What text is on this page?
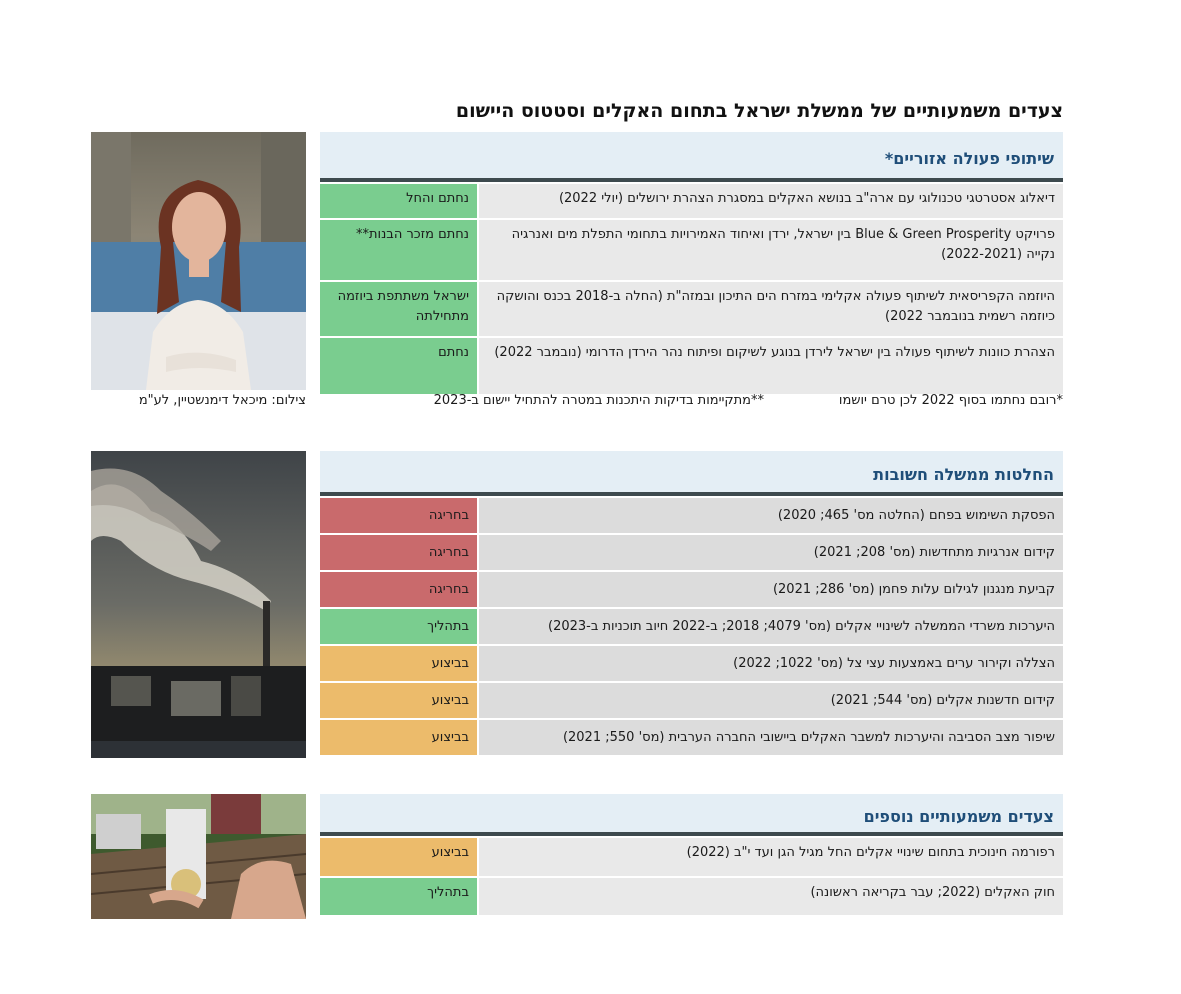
צעדים משמעותיים של ממשלת ישראל בתחום האקלים וסטטוס היישום
צילום: מיכאל דימנשטיין, לע"מ
שיתופי פעולה אזוריים*
דיאלוג אסטרטגי טכנולוגי עם ארה"ב בנושא האקלים במסגרת הצהרת ירושלים (יולי 2022)
נחתם והחל
פרויקט Blue & Green Prosperity בין ישראל, ירדן ואיחוד האמירויות בתחומי התפלת מים ואנרגיה נקייה (2022-2021)
נחתם מזכר הבנות**
היוזמה הקפריסאית לשיתוף פעולה אקלימי במזרח הים התיכון ובמזה"ת (החלה ב-2018 בכנס והושקה כיוזמה רשמית בנובמבר 2022)
ישראל משתתפת ביוזמה מתחילתה
הצהרת כוונות לשיתוף פעולה בין ישראל לירדן בנוגע לשיקום ופיתוח נהר הירדן הדרומי (נובמבר 2022)
נחתם
*רובם נחתמו בסוף 2022 לכן טרם יושמו
**מתקיימות בדיקות היתכנות במטרה להתחיל יישום ב-2023
החלטות ממשלה חשובות
הפסקת השימוש בפחם (החלטה מס' 465; 2020)
בחריגה
קידום אנרגיות מתחדשות (מס' 208; 2021)
בחריגה
קביעת מנגנון לגילום עלות פחמן (מס' 286; 2021)
בחריגה
היערכות משרדי הממשלה לשינויי אקלים (מס' 4079; 2018; ב-2022 חיוב תוכניות ב-2023)
בתהליך
הצללה וקירור ערים באמצעות עצי צל (מס' 1022; 2022)
בביצוע
קידום חדשנות אקלים (מס' 544; 2021)
בביצוע
שיפור מצב הסביבה והיערכות למשבר האקלים ביישובי החברה הערבית (מס' 550; 2021)
בביצוע
צעדים משמעותיים נוספים
רפורמה חינוכית בתחום שינויי אקלים החל מגיל הגן ועד י"ב (2022)
בביצוע
חוק האקלים (2022; עבר בקריאה ראשונה)
בתהליך
